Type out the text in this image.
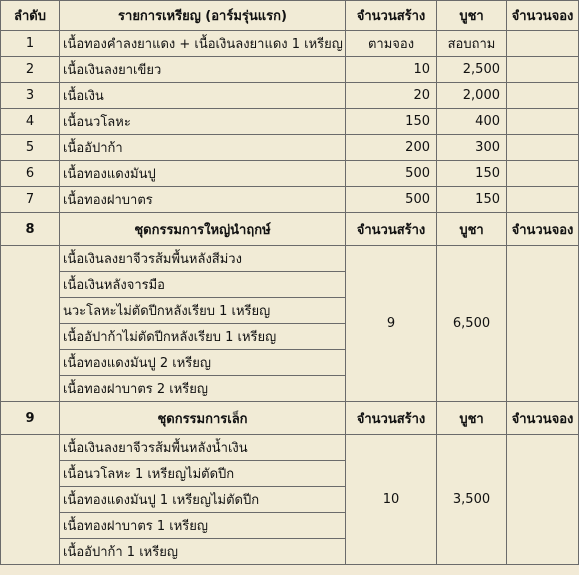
ลำดับ	รายการเหรียญ (อาร์มรุ่นแรก)	จำนวนสร้าง	บูชา	จำนวนจอง
1	เนื้อทองคำลงยาแดง + เนื้อเงินลงยาแดง 1 เหรียญ	ตามจอง	สอบถาม	
2	เนื้อเงินลงยาเขียว	10	2,500	
3	เนื้อเงิน	20	2,000	
4	เนื้อนวโลหะ	150	400	
5	เนื้ออัปาก้า	200	300	
6	เนื้อทองแดงมันปู	500	150	
7	เนื้อทองฝาบาตร	500	150	
8	ชุดกรรมการใหญ่นำฤกษ์	จำนวนสร้าง	บูชา	จำนวนจอง
	เนื้อเงินลงยาจีวรส้มพื้นหลังสีม่วง	9	6,500	
	เนื้อเงินหลังจารมือ			
	นวะโลหะไม่ตัดปีกหลังเรียบ 1 เหรียญ			
	เนื้ออัปาก้าไม่ตัดปีกหลังเรียบ 1 เหรียญ			
	เนื้อทองแดงมันปู 2 เหรียญ			
	เนื้อทองฝาบาตร 2 เหรียญ			
9	ชุดกรรมการเล็ก	จำนวนสร้าง	บูชา	จำนวนจอง
	เนื้อเงินลงยาจีวรส้มพื้นหลังน้ำเงิน	10	3,500	
	เนื้อนวโลหะ 1 เหรียญไม่ตัดปีก			
	เนื้อทองแดงมันปู 1 เหรียญไม่ตัดปีก			
	เนื้อทองฝาบาตร 1 เหรียญ			
	เนื้ออัปาก้า 1 เหรียญ			
